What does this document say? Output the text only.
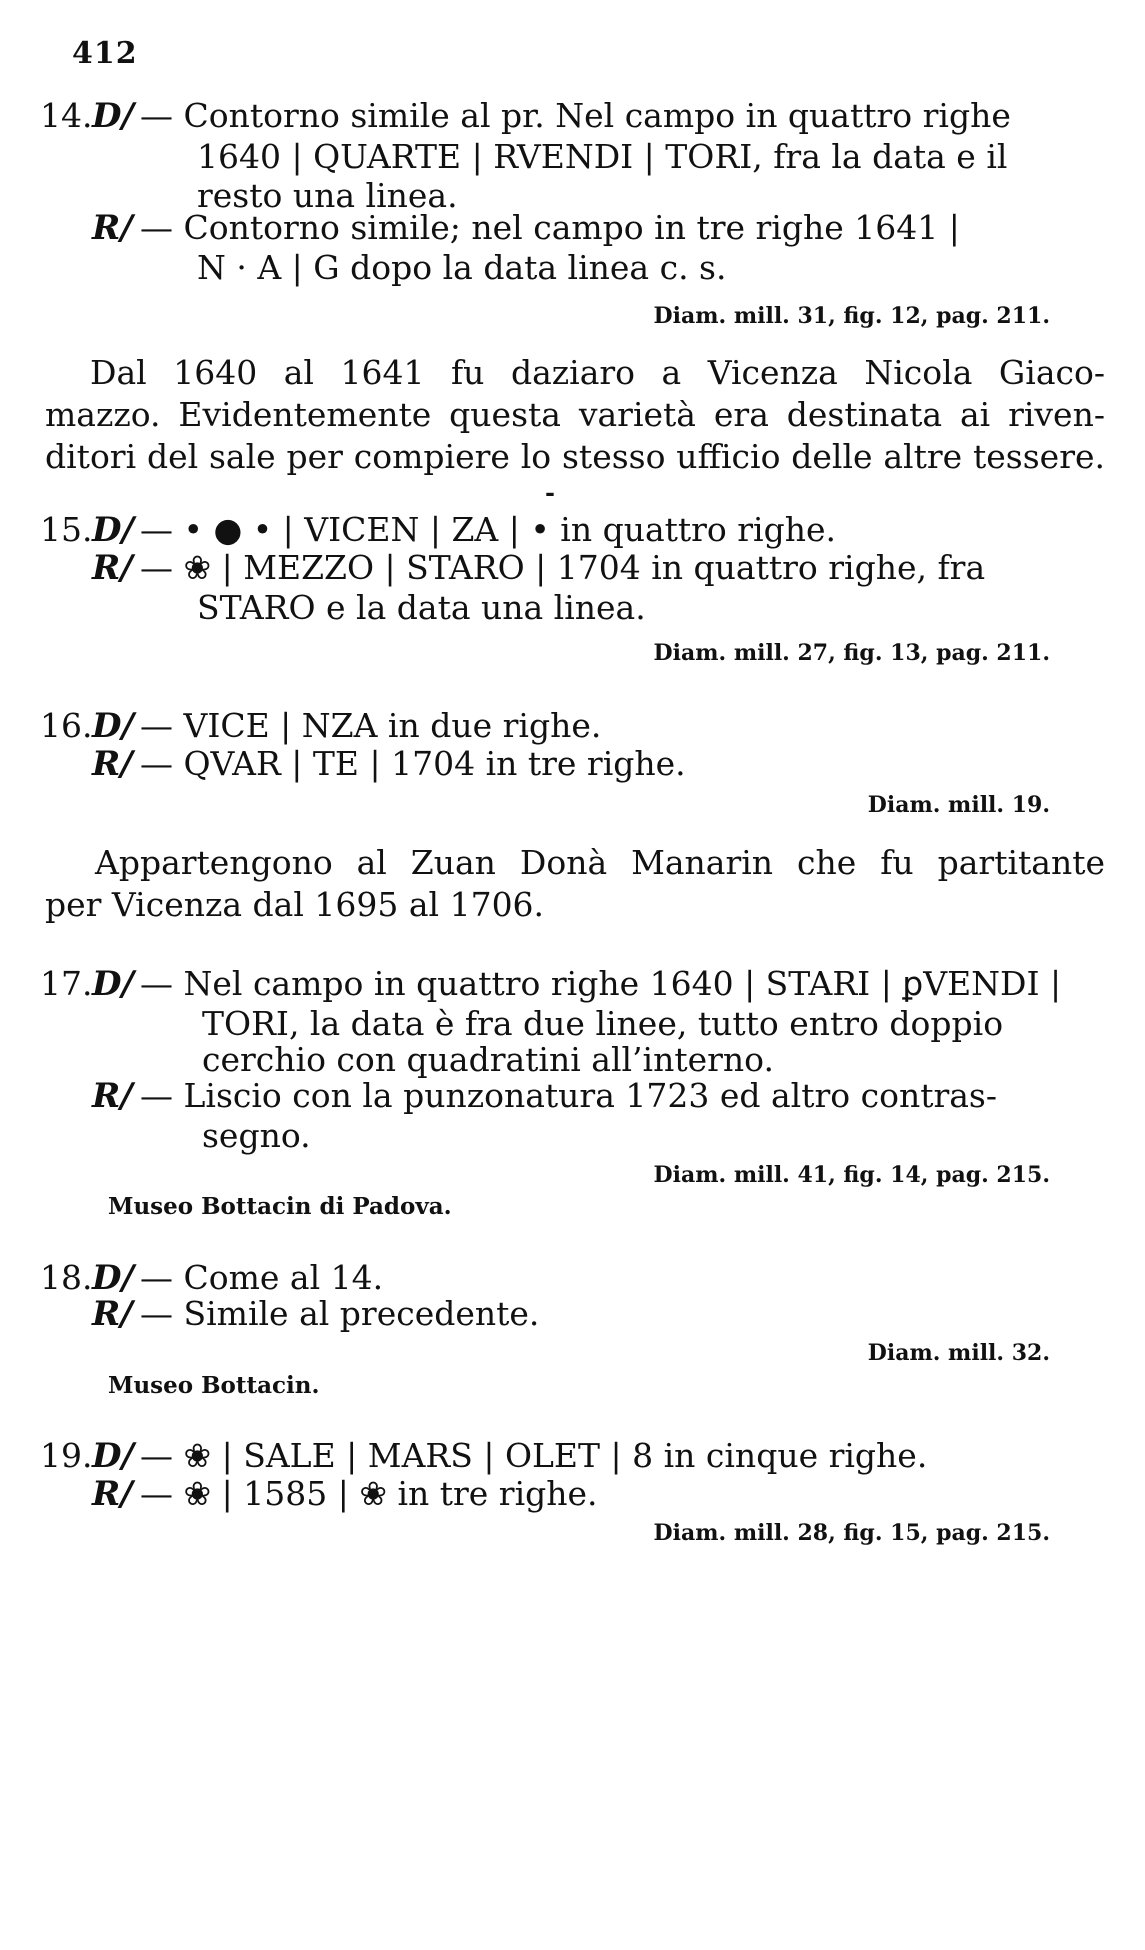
412
14. D/ — Contorno simile al pr. Nel campo in quattro righe
1640 | QUARTE | RVENDI | TORI, fra la data e il
resto una linea.
R/ — Contorno simile; nel campo in tre righe 1641 |
N · A | G dopo la data linea c. s.
Diam. mill. 31, fig. 12, pag. 211.
Dal 1640 al 1641 fu daziaro a Vicenza Nicola Giaco-
mazzo. Evidentemente questa varietà era destinata ai riven-
ditori del sale per compiere lo stesso ufficio delle altre tessere.
-
15. D/ — • ● • | VICEN | ZA | • in quattro righe.
R/ — ❀ | MEZZO | STARO | 1704 in quattro righe, fra
STARO e la data una linea.
Diam. mill. 27, fig. 13, pag. 211.
16. D/ — VICE | NZA in due righe.
R/ — QVAR | TE | 1704 in tre righe.
Diam. mill. 19.
Appartengono al Zuan Donà Manarin che fu partitante
per Vicenza dal 1695 al 1706.
17. D/ — Nel campo in quattro righe 1640 | STARI | ꝑVENDI |
TORI, la data è fra due linee, tutto entro doppio
cerchio con quadratini all’interno.
R/ — Liscio con la punzonatura 1723 ed altro contras-
segno.
Diam. mill. 41, fig. 14, pag. 215.
Museo Bottacin di Padova.
18. D/ — Come al 14.
R/ — Simile al precedente.
Diam. mill. 32.
Museo Bottacin.
19. D/ — ❀ | SALE | MARS | OLET | 8 in cinque righe.
R/ — ❀ | 1585 | ❀ in tre righe.
Diam. mill. 28, fig. 15, pag. 215.
